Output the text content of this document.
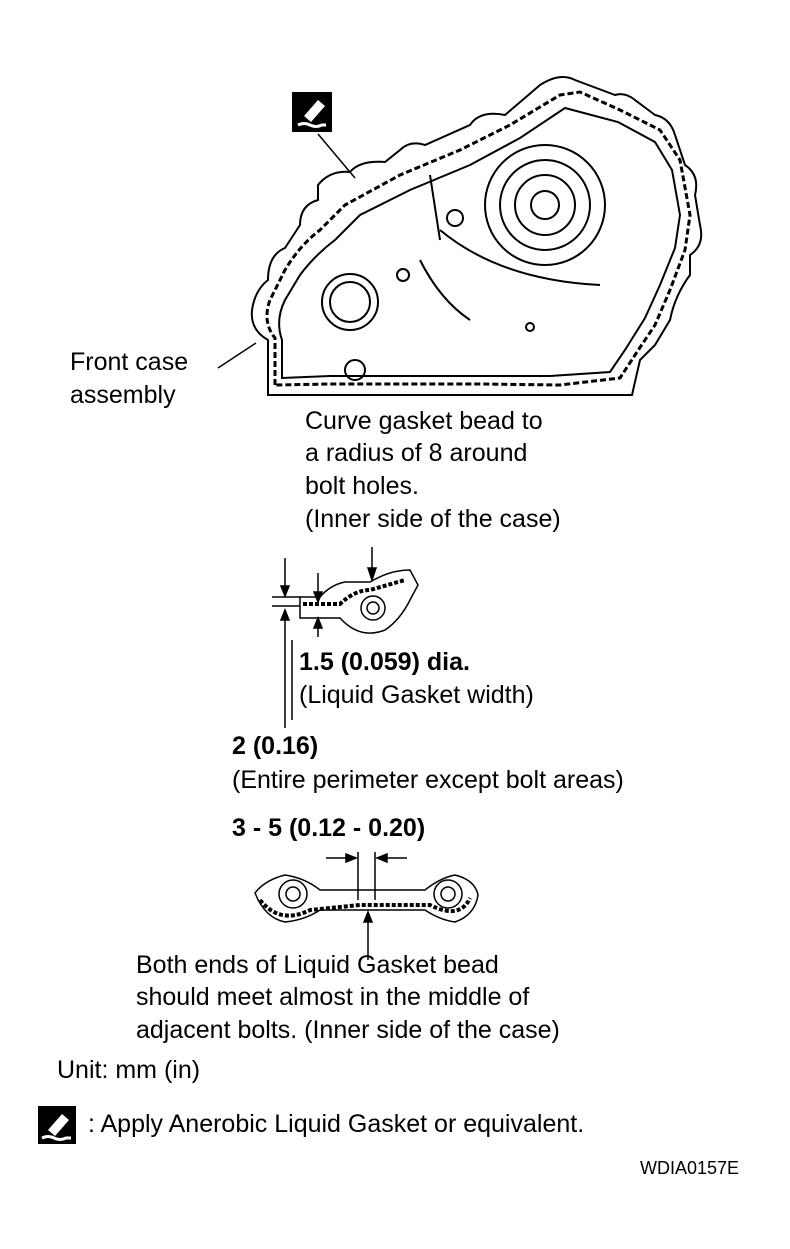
Front case
assembly
Curve gasket bead to
a radius of 8 around
bolt holes.
(Inner side of the case)
1.5 (0.059) dia.
(Liquid Gasket width)
2 (0.16)
(Entire perimeter except bolt areas)
3 - 5 (0.12 - 0.20)
Both ends of Liquid Gasket bead
should meet almost in the middle of
adjacent bolts. (Inner side of the case)
Unit: mm (in)
: Apply Anerobic Liquid Gasket or equivalent.
WDIA0157E
